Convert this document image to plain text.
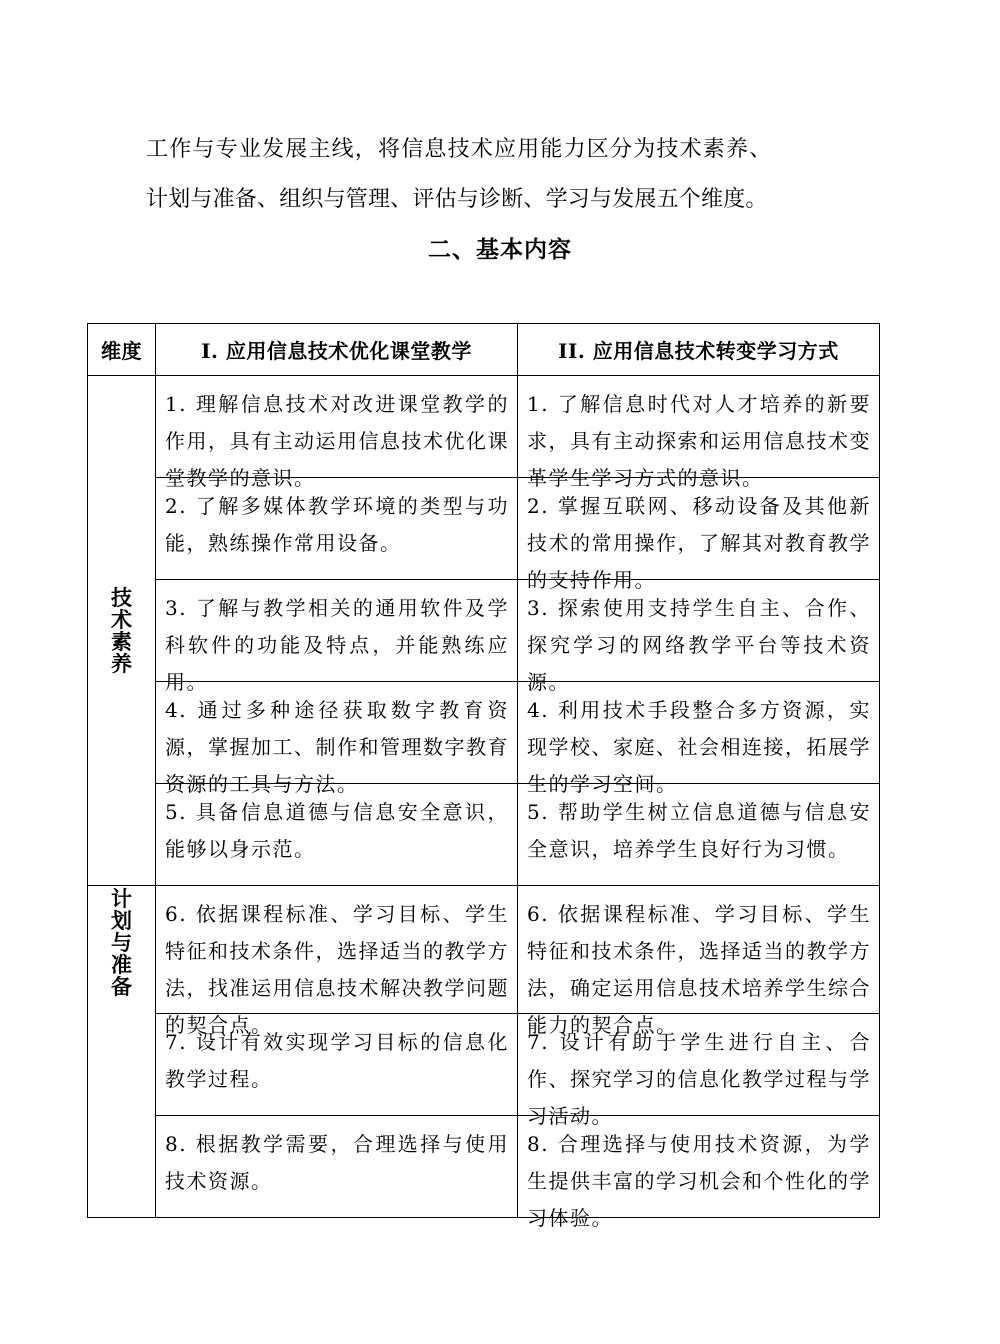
工作与专业发展主线，将信息技术应用能力区分为技术素养、
计划与准备、组织与管理、评估与诊断、学习与发展五个维度。
二、基本内容
维度	I. 应用信息技术优化课堂教学	II. 应用信息技术转变学习方式
技术素养	1. 理解信息技术对改进课堂教学的作用，具有主动运用信息技术优化课堂教学的意识。	1. 了解信息时代对人才培养的新要求，具有主动探索和运用信息技术变革学生学习方式的意识。

	2. 了解多媒体教学环境的类型与功能，熟练操作常用设备。	2. 掌握互联网、移动设备及其他新技术的常用操作，了解其对教育教学的支持作用。

	3. 了解与教学相关的通用软件及学科软件的功能及特点，并能熟练应用。	3. 探索使用支持学生自主、合作、探究学习的网络教学平台等技术资源。

	4. 通过多种途径获取数字教育资源，掌握加工、制作和管理数字教育资源的工具与方法。	4. 利用技术手段整合多方资源，实现学校、家庭、社会相连接，拓展学生的学习空间。

	5. 具备信息道德与信息安全意识，能够以身示范。	5. 帮助学生树立信息道德与信息安全意识，培养学生良好行为习惯。

计划与准备	6. 依据课程标准、学习目标、学生特征和技术条件，选择适当的教学方法，找准运用信息技术解决教学问题的契合点。	6. 依据课程标准、学习目标、学生特征和技术条件，选择适当的教学方法，确定运用信息技术培养学生综合能力的契合点。

	7. 设计有效实现学习目标的信息化教学过程。	7. 设计有助于学生进行自主、合作、探究学习的信息化教学过程与学习活动。

	8. 根据教学需要，合理选择与使用技术资源。	8. 合理选择与使用技术资源，为学生提供丰富的学习机会和个性化的学习体验。
